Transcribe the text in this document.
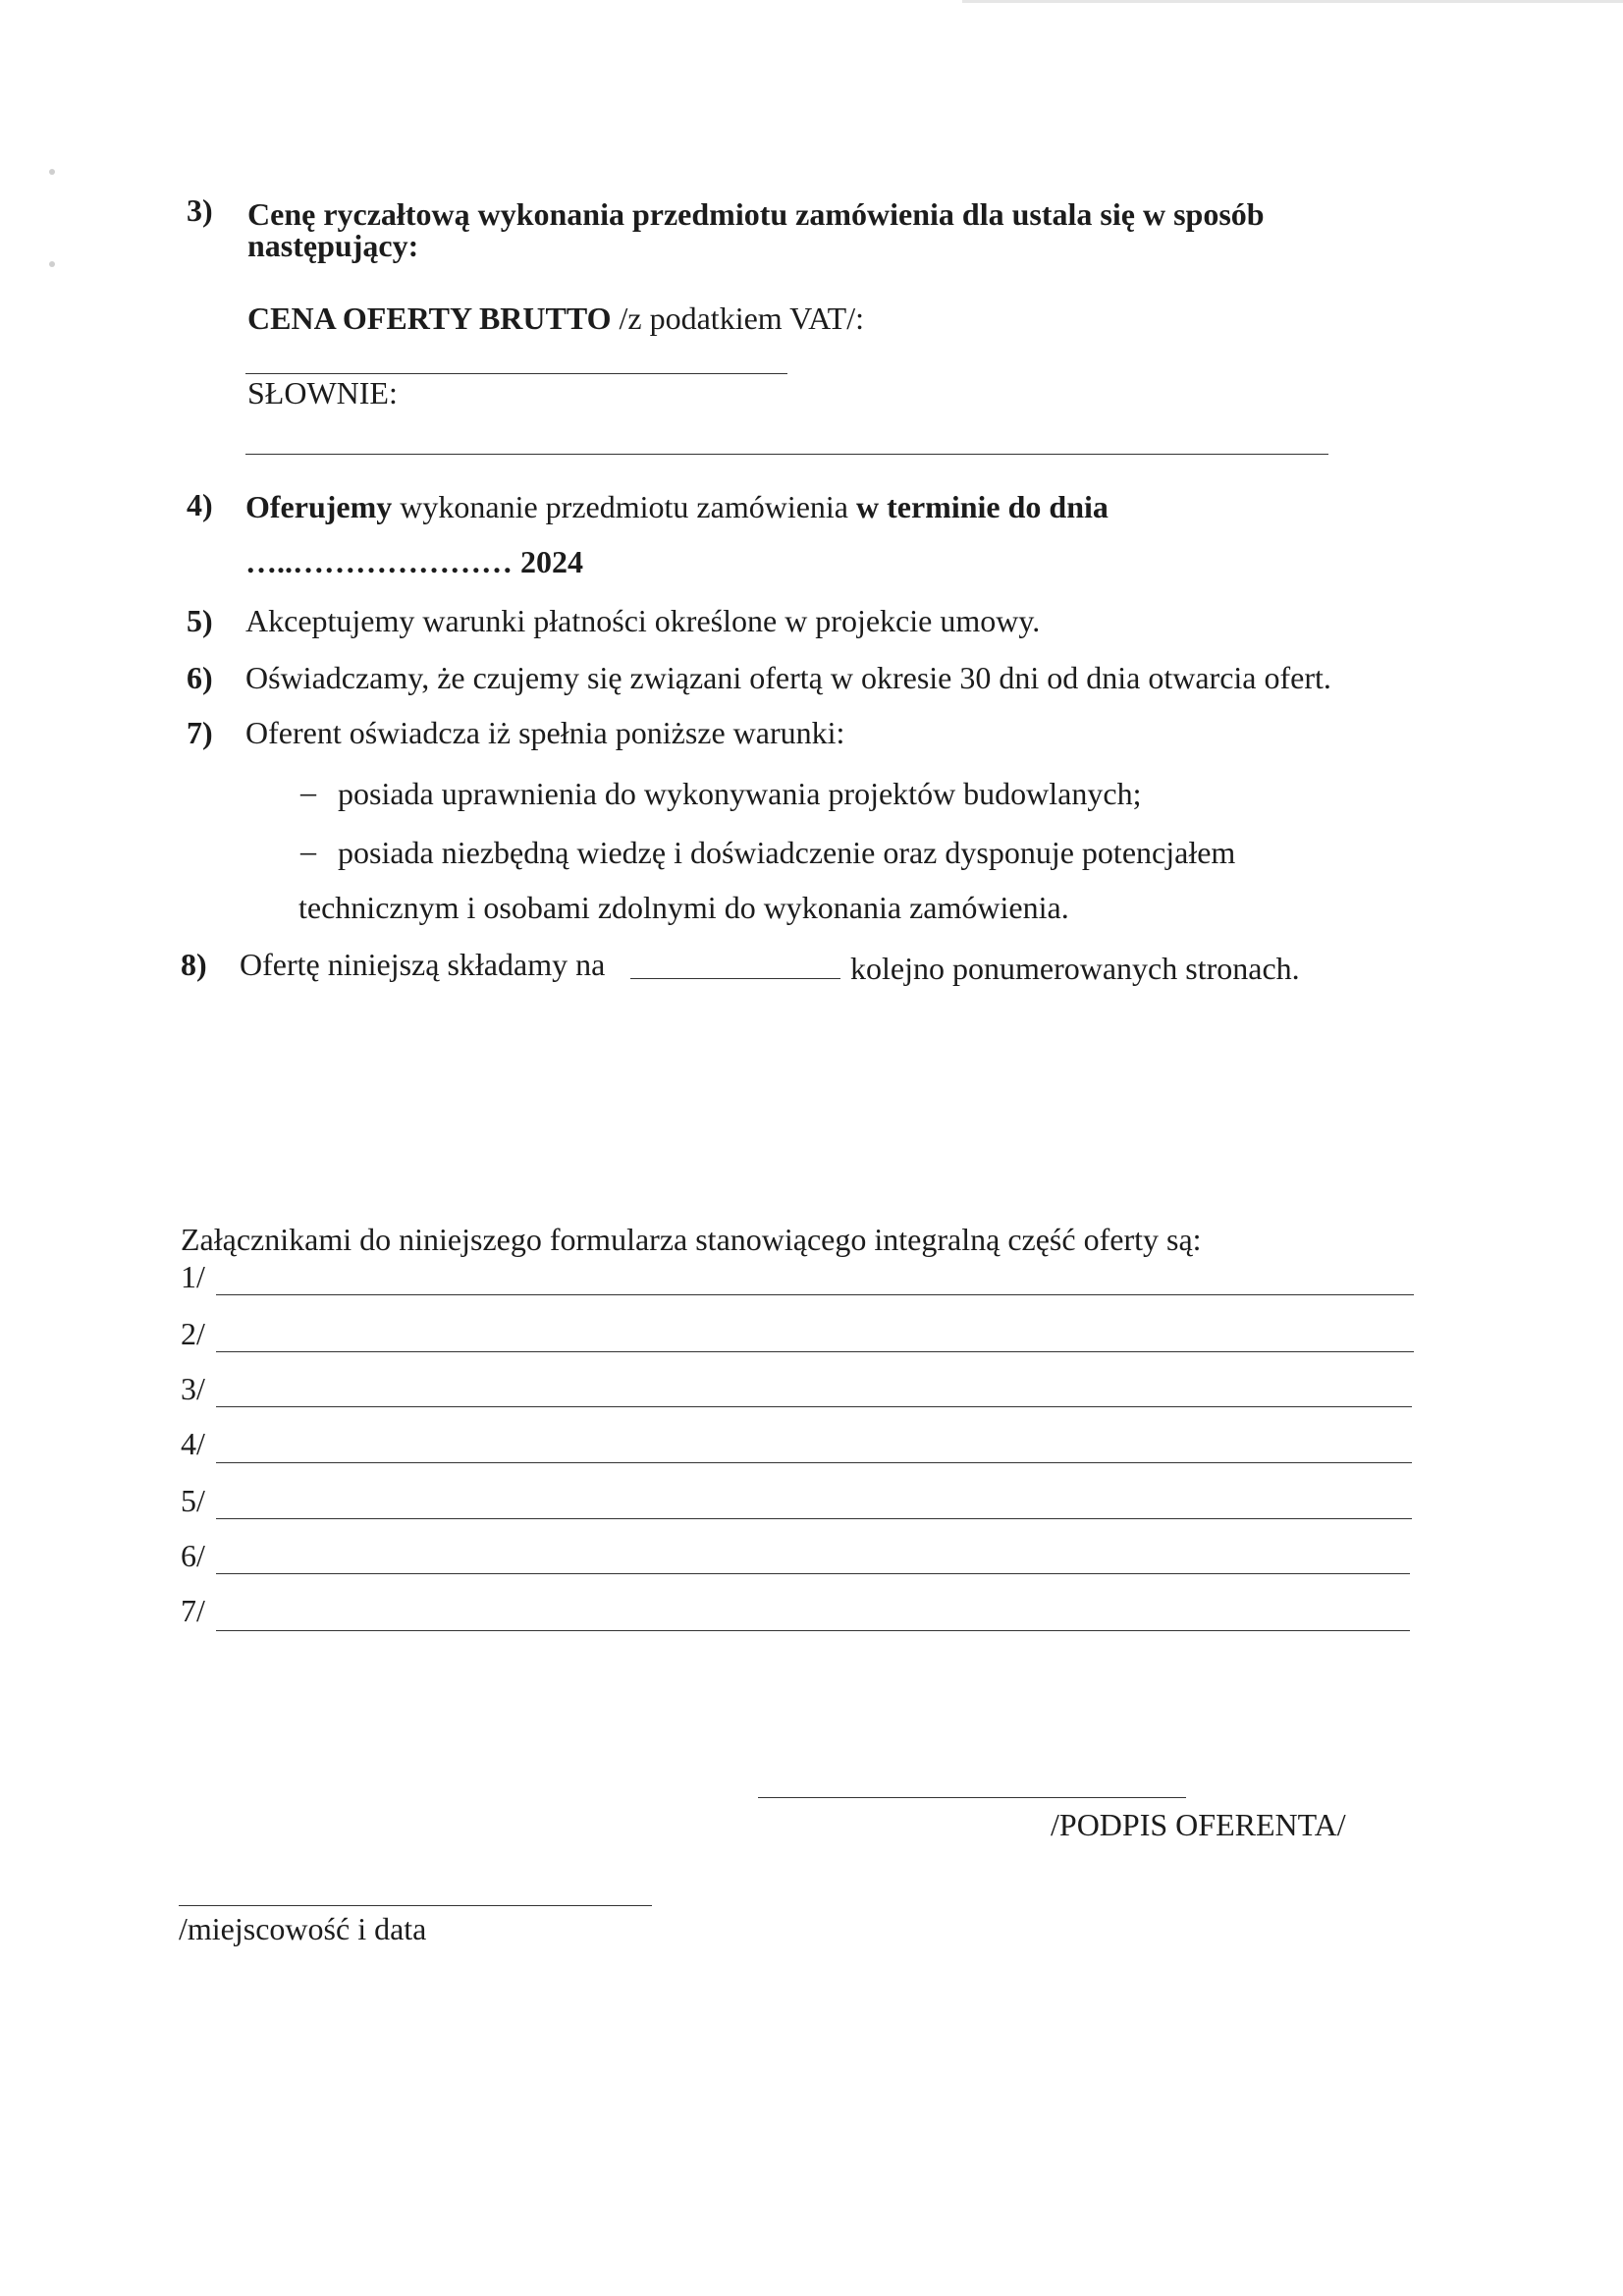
3) Cenę ryczałtową wykonania przedmiotu zamówienia dla ustala się w sposób
następujący:
CENA OFERTY BRUTTO /z podatkiem VAT/:
SŁOWNIE:
4) Oferujemy wykonanie przedmiotu zamówienia w terminie do dnia
…..………………… 2024
5) Akceptujemy warunki płatności określone w projekcie umowy.
6) Oświadczamy, że czujemy się związani ofertą w okresie 30 dni od dnia otwarcia ofert.
7) Oferent oświadcza iż spełnia poniższe warunki:
– posiada uprawnienia do wykonywania projektów budowlanych;
– posiada niezbędną wiedzę i doświadczenie oraz dysponuje potencjałem
technicznym i osobami zdolnymi do wykonania zamówienia.
8) Ofertę niniejszą składamy na	kolejno ponumerowanych stronach.
Załącznikami do niniejszego formularza stanowiącego integralną część oferty są:
1/
2/
3/
4/
5/
6/
7/
/PODPIS OFERENTA/
/miejscowość i data
